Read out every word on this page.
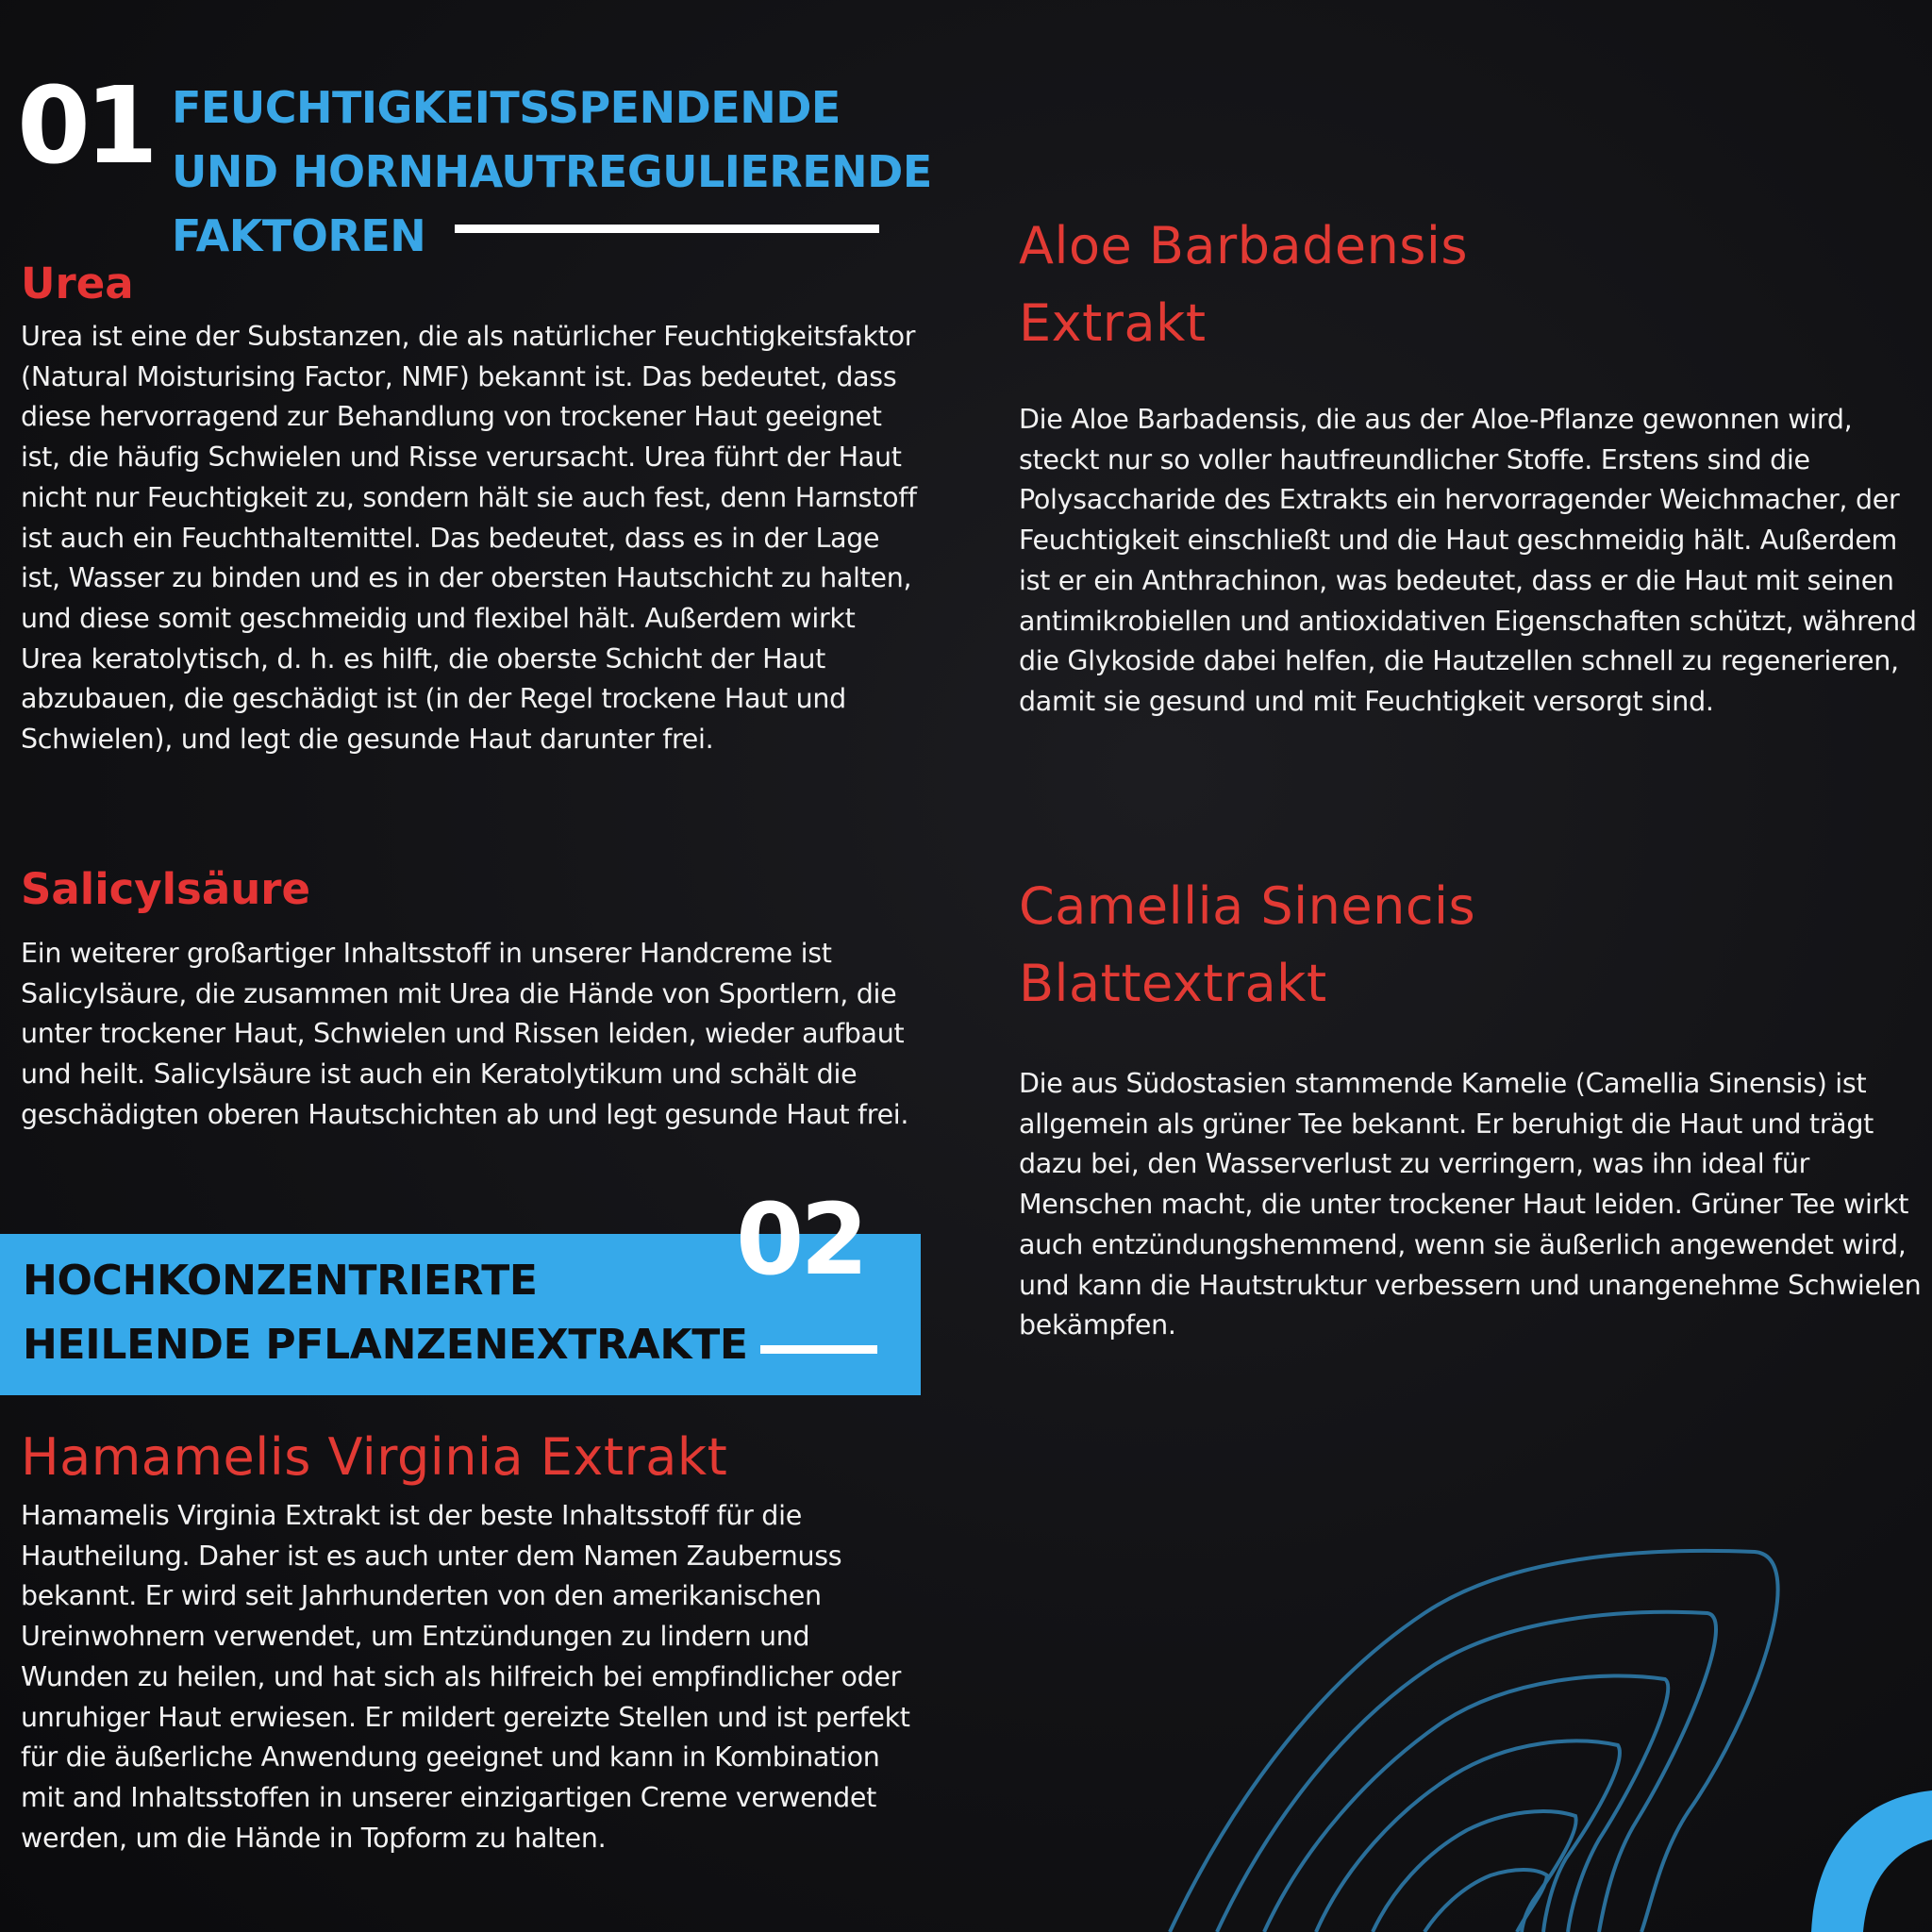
01 FEUCHTIGKEITSSPENDENDE
UND HORNHAUTREGULIERENDE
FAKTOREN
Urea
Urea ist eine der Substanzen, die als natürlicher Feuchtigkeitsfaktor (Natural Moisturising Factor, NMF) bekannt ist. Das bedeutet, dass diese hervorragend zur Behandlung von trockener Haut geeignet ist, die häufig Schwielen und Risse verursacht. Urea führt der Haut nicht nur Feuchtigkeit zu, sondern hält sie auch fest, denn Harnstoff ist auch ein Feuchthaltemittel. Das bedeutet, dass es in der Lage ist, Wasser zu binden und es in der obersten Hautschicht zu halten, und diese somit geschmeidig und flexibel hält. Außerdem wirkt Urea keratolytisch, d. h. es hilft, die oberste Schicht der Haut abzubauen, die geschädigt ist (in der Regel trockene Haut und Schwielen), und legt die gesunde Haut darunter frei.
Salicylsäure
Ein weiterer großartiger Inhaltsstoff in unserer Handcreme ist Salicylsäure, die zusammen mit Urea die Hände von Sportlern, die unter trockener Haut, Schwielen und Rissen leiden, wieder aufbaut und heilt. Salicylsäure ist auch ein Keratolytikum und schält die geschädigten oberen Hautschichten ab und legt gesunde Haut frei.
02
HOCHKONZENTRIERTE
HEILENDE PFLANZENEXTRAKTE
Hamamelis Virginia Extrakt
Hamamelis Virginia Extrakt ist der beste Inhaltsstoff für die Hautheilung. Daher ist es auch unter dem Namen Zaubernuss bekannt. Er wird seit Jahrhunderten von den amerikanischen Ureinwohnern verwendet, um Entzündungen zu lindern und Wunden zu heilen, und hat sich als hilfreich bei empfindlicher oder unruhiger Haut erwiesen. Er mildert gereizte Stellen und ist perfekt für die äußerliche Anwendung geeignet und kann in Kombination mit and Inhaltsstoffen in unserer einzigartigen Creme verwendet werden, um die Hände in Topform zu halten.
Aloe Barbadensis
Extrakt
Die Aloe Barbadensis, die aus der Aloe-Pflanze gewonnen wird, steckt nur so voller hautfreundlicher Stoffe. Erstens sind die Polysaccharide des Extrakts ein hervorragender Weichmacher, der Feuchtigkeit einschließt und die Haut geschmeidig hält. Außerdem ist er ein Anthrachinon, was bedeutet, dass er die Haut mit seinen antimikrobiellen und antioxidativen Eigenschaften schützt, während die Glykoside dabei helfen, die Hautzellen schnell zu regenerieren, damit sie gesund und mit Feuchtigkeit versorgt sind.
Camellia Sinencis
Blattextrakt
Die aus Südostasien stammende Kamelie (Camellia Sinensis) ist allgemein als grüner Tee bekannt. Er beruhigt die Haut und trägt dazu bei, den Wasserverlust zu verringern, was ihn ideal für Menschen macht, die unter trockener Haut leiden. Grüner Tee wirkt auch entzündungshemmend, wenn sie äußerlich angewendet wird, und kann die Hautstruktur verbessern und unangenehme Schwielen bekämpfen.
